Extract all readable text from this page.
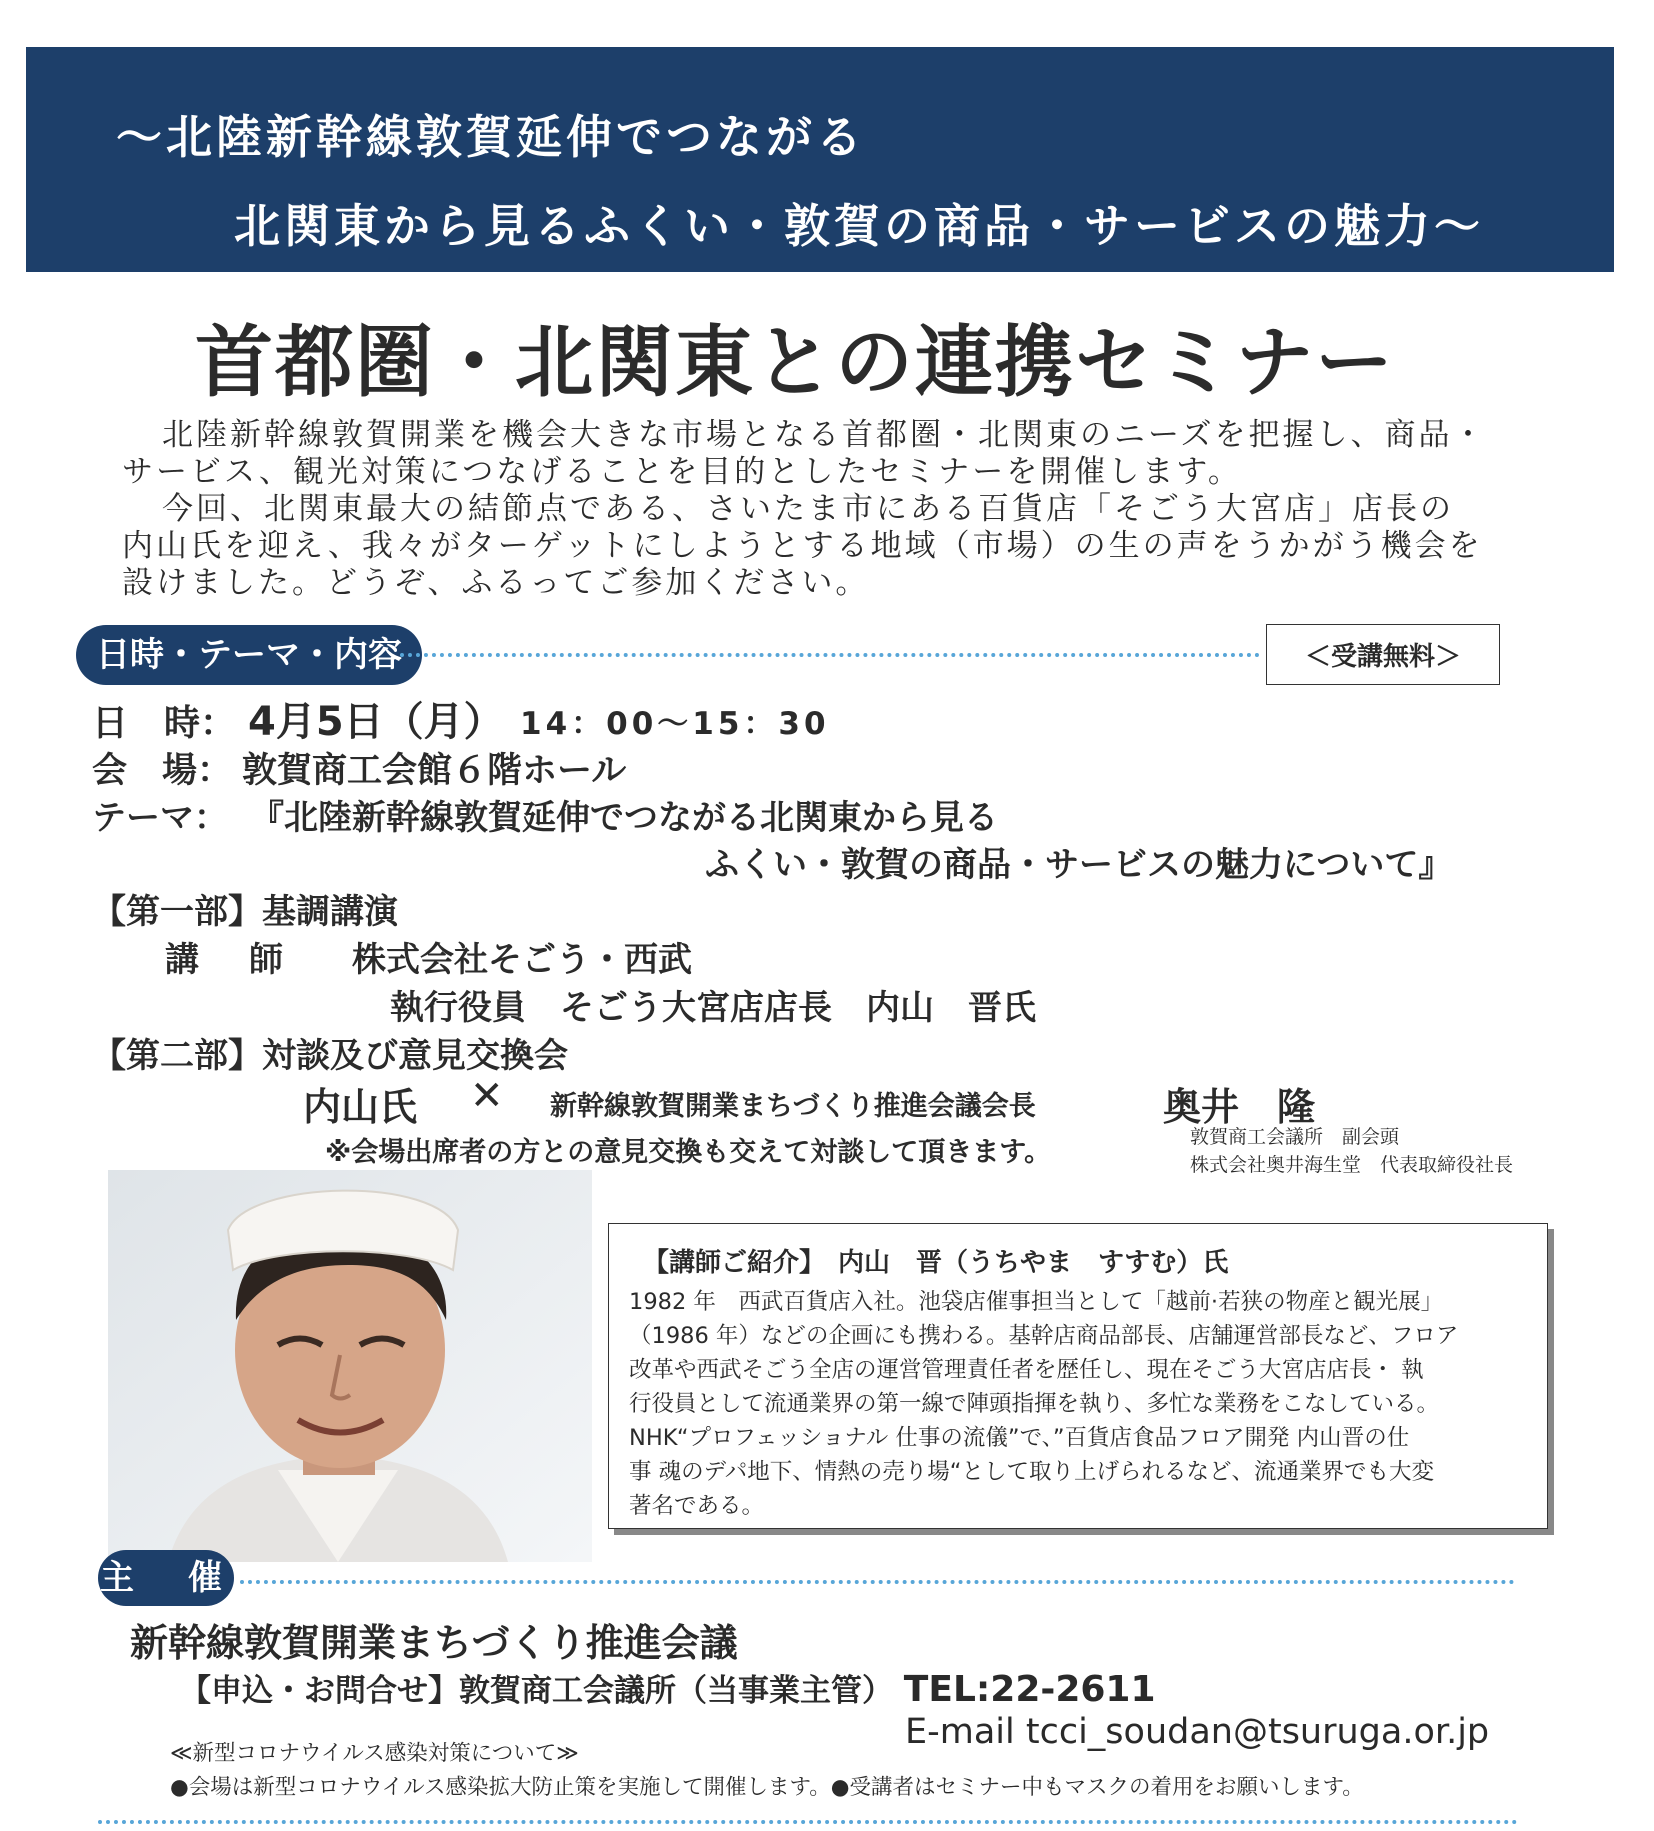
～北陸新幹線敦賀延伸でつながる
北関東から見るふくい・敦賀の商品・サービスの魅力～
首都圏・北関東との連携セミナー
北陸新幹線敦賀開業を機会大きな市場となる首都圏・北関東のニーズを把握し、商品・
サービス、観光対策につなげることを目的としたセミナーを開催します。
今回、北関東最大の結節点である、さいたま市にある百貨店「そごう大宮店」店長の
内山氏を迎え、我々がターゲットにしようとする地域（市場）の生の声をうかがう機会を
設けました。どうぞ、ふるってご参加ください。
日時・テーマ・内容	＜受講無料＞
日　時： 4月5日（月） 14：00～15：30
会　場： 敦賀商工会館６階ホール
テーマ： 『北陸新幹線敦賀延伸でつながる北関東から見る
ふくい・敦賀の商品・サービスの魅力について』
【第一部】基調講演
講　師 株式会社そごう・西武
執行役員　そごう大宮店店長　内山　晋氏
【第二部】対談及び意見交換会
内山氏 ✕ 新幹線敦賀開業まちづくり推進会議会長	奥井　隆
敦賀商工会議所　副会頭
株式会社奥井海生堂　代表取締役社長
※会場出席者の方との意見交換も交えて対談して頂きます。
【講師ご紹介】　内山　晋（うちやま　すすむ）氏
1982 年　西武百貨店入社。池袋店催事担当として「越前·若狭の物産と観光展」
（1986 年）などの企画にも携わる。基幹店商品部長、店舗運営部長など、フロア
改革や西武そごう全店の運営管理責任者を歴任し、現在そごう大宮店店長・ 執
行役員として流通業界の第一線で陣頭指揮を執り、多忙な業務をこなしている。
NHK“プロフェッショナル 仕事の流儀”で、”百貨店食品フロア開発 内山晋の仕
事 魂のデパ地下、情熱の売り場“として取り上げられるなど、流通業界でも大変
著名である。
主　催
新幹線敦賀開業まちづくり推進会議
【申込・お問合せ】敦賀商工会議所（当事業主管） TEL:22-2611
E-mail tcci_soudan@tsuruga.or.jp
≪新型コロナウイルス感染対策について≫
●会場は新型コロナウイルス感染拡大防止策を実施して開催します。●受講者はセミナー中もマスクの着用をお願いします。
